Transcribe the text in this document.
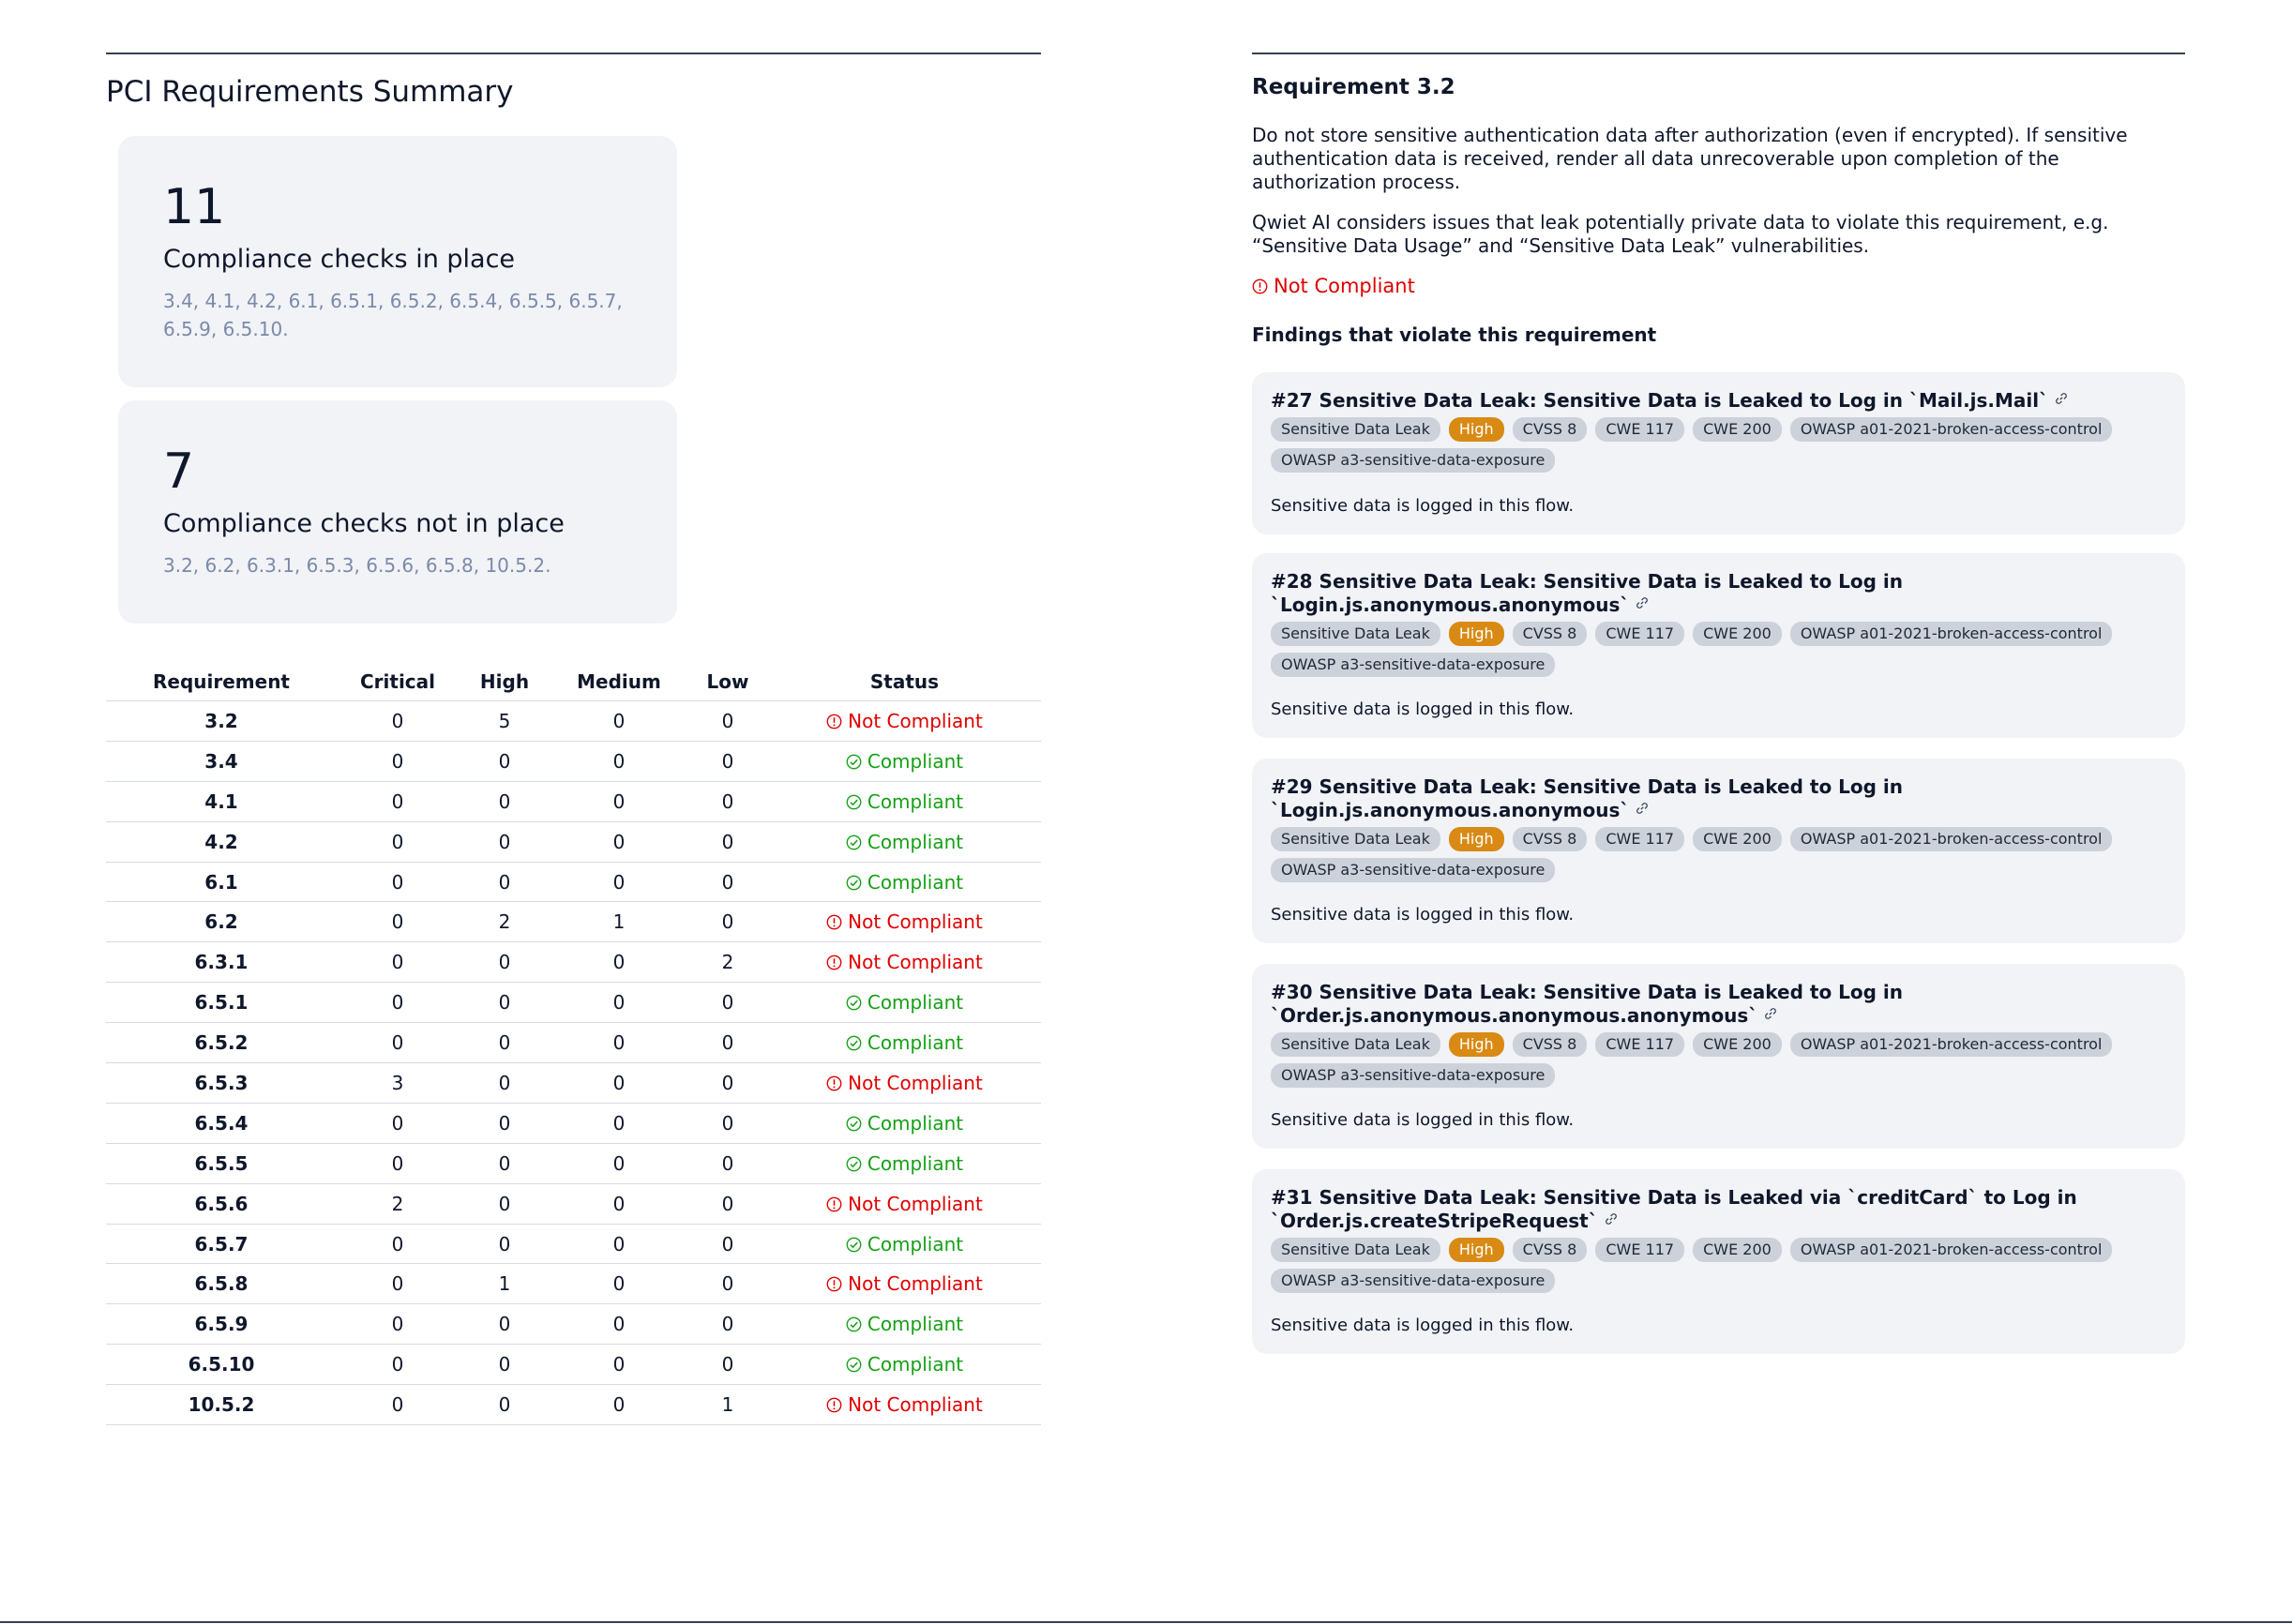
PCI Requirements Summary
11
Compliance checks in place
3.4, 4.1, 4.2, 6.1, 6.5.1, 6.5.2, 6.5.4, 6.5.5, 6.5.7, 6.5.9, 6.5.10.
7
Compliance checks not in place
3.2, 6.2, 6.3.1, 6.5.3, 6.5.6, 6.5.8, 10.5.2.
Requirement	Critical	High	Medium	Low	Status
3.2	0	5	0	0	Not Compliant
3.4	0	0	0	0	Compliant
4.1	0	0	0	0	Compliant
4.2	0	0	0	0	Compliant
6.1	0	0	0	0	Compliant
6.2	0	2	1	0	Not Compliant
6.3.1	0	0	0	2	Not Compliant
6.5.1	0	0	0	0	Compliant
6.5.2	0	0	0	0	Compliant
6.5.3	3	0	0	0	Not Compliant
6.5.4	0	0	0	0	Compliant
6.5.5	0	0	0	0	Compliant
6.5.6	2	0	0	0	Not Compliant
6.5.7	0	0	0	0	Compliant
6.5.8	0	1	0	0	Not Compliant
6.5.9	0	0	0	0	Compliant
6.5.10	0	0	0	0	Compliant
10.5.2	0	0	0	1	Not Compliant
Requirement 3.2

Do not store sensitive authentication data after authorization (even if encrypted). If sensitive authentication data is received, render all data unrecoverable upon completion of the authorization process.

Qwiet AI considers issues that leak potentially private data to violate this requirement, e.g. “Sensitive Data Usage” and “Sensitive Data Leak” vulnerabilities.

Not Compliant
Findings that violate this requirement
#27 Sensitive Data Leak: Sensitive Data is Leaked to Log in `Mail.js.Mail`
Sensitive Data Leak	High	CVSS 8	CWE 117	CWE 200	OWASP a01-2021-broken-access-control
OWASP a3-sensitive-data-exposure
Sensitive data is logged in this flow.
#28 Sensitive Data Leak: Sensitive Data is Leaked to Log in `Login.js.anonymous.anonymous`
Sensitive Data Leak	High	CVSS 8	CWE 117	CWE 200	OWASP a01-2021-broken-access-control
OWASP a3-sensitive-data-exposure
Sensitive data is logged in this flow.
#29 Sensitive Data Leak: Sensitive Data is Leaked to Log in `Login.js.anonymous.anonymous`
Sensitive Data Leak	High	CVSS 8	CWE 117	CWE 200	OWASP a01-2021-broken-access-control
OWASP a3-sensitive-data-exposure
Sensitive data is logged in this flow.
#30 Sensitive Data Leak: Sensitive Data is Leaked to Log in `Order.js.anonymous.anonymous.anonymous`
Sensitive Data Leak	High	CVSS 8	CWE 117	CWE 200	OWASP a01-2021-broken-access-control
OWASP a3-sensitive-data-exposure
Sensitive data is logged in this flow.
#31 Sensitive Data Leak: Sensitive Data is Leaked via `creditCard` to Log in `Order.js.createStripeRequest`
Sensitive Data Leak	High	CVSS 8	CWE 117	CWE 200	OWASP a01-2021-broken-access-control
OWASP a3-sensitive-data-exposure
Sensitive data is logged in this flow.
